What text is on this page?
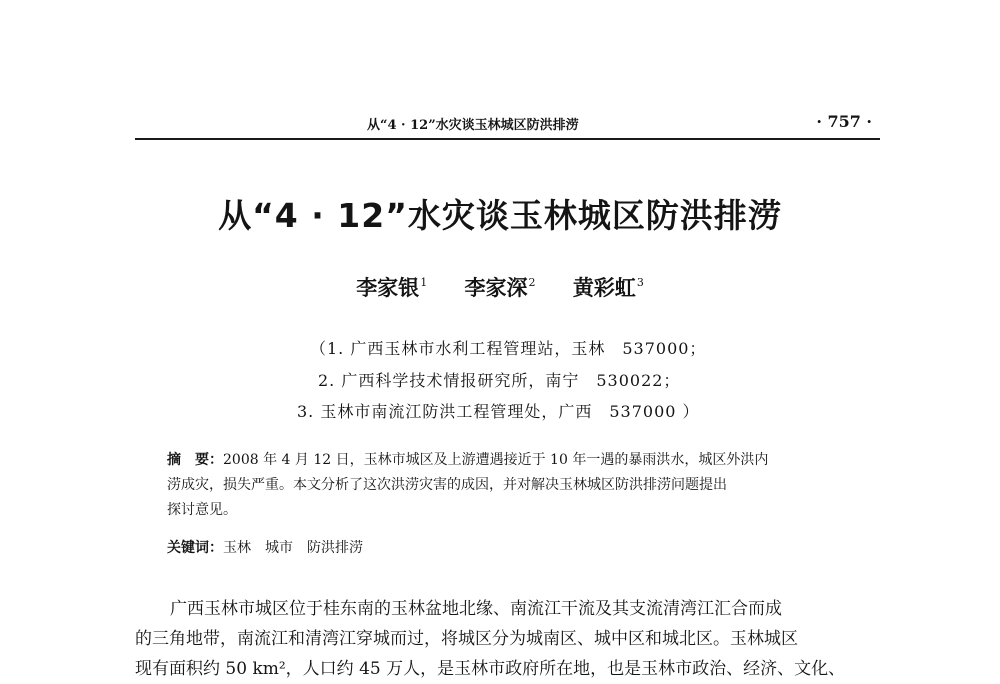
从“4 · 12”水灾谈玉林城区防洪排涝	· 757 ·
从“4 · 12”水灾谈玉林城区防洪排涝
李家银$^1$ 李家深$^2$ 黄彩虹$^3$
（1. 广西玉林市水利工程管理站，玉林　537000；
2. 广西科学技术情报研究所，南宁　530022；
3. 玉林市南流江防洪工程管理处，广西　537000 ）
摘　要：2008 年 4 月 12 日，玉林市城区及上游遭遇接近于 10 年一遇的暴雨洪水，城区外洪内
涝成灾，损失严重。本文分析了这次洪涝灾害的成因，并对解决玉林城区防洪排涝问题提出
探讨意见。
关键词：玉林 城市 防洪排涝
广西玉林市城区位于桂东南的玉林盆地北缘、南流江干流及其支流清湾江汇合而成
的三角地带，南流江和清湾江穿城而过，将城区分为城南区、城中区和城北区。玉林城区
现有面积约 50 km²，人口约 45 万人，是玉林市政府所在地，也是玉林市政治、经济、文化、
